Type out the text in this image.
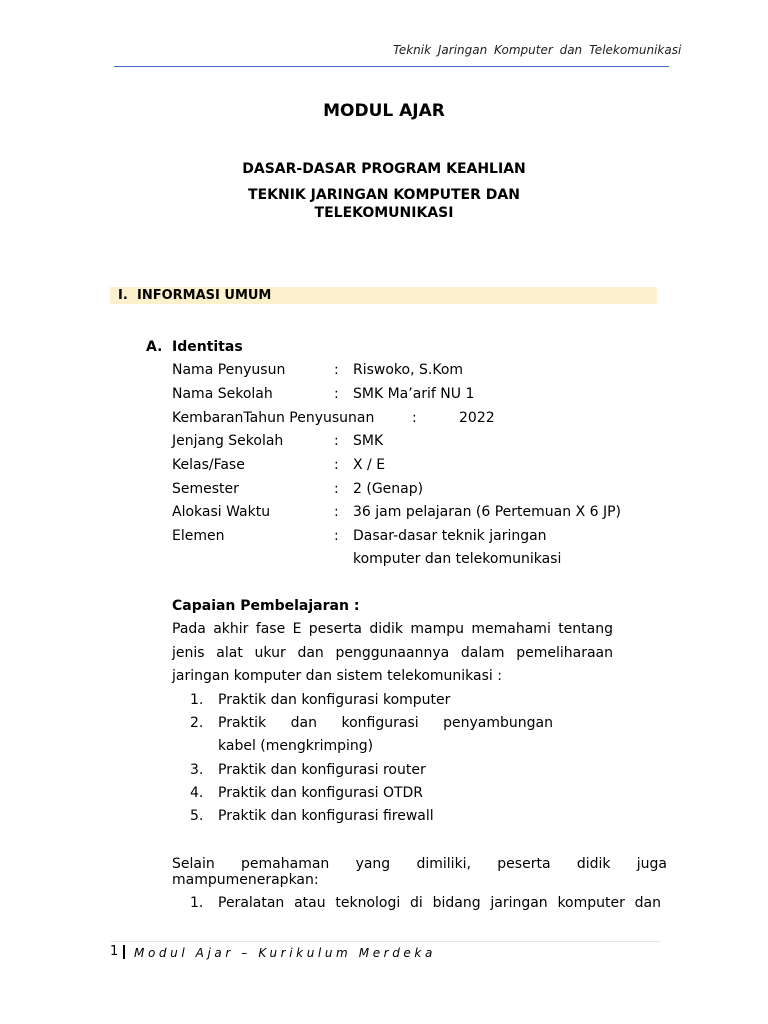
Teknik Jaringan Komputer dan Telekomunikasi
MODUL AJAR
DASAR-DASAR PROGRAM KEAHLIAN
TEKNIK JARINGAN KOMPUTER DAN
TELEKOMUNIKASI
I. INFORMASI UMUM
A. Identitas
Nama Penyusun	: Riswoko, S.Kom
Nama Sekolah	: SMK Ma’arif NU 1
KembaranTahun Penyusunan	:	2022
Jenjang Sekolah	: SMK
Kelas/Fase	: X / E
Semester	: 2 (Genap)
Alokasi Waktu	: 36 jam pelajaran (6 Pertemuan X 6 JP)
Elemen	: Dasar-dasar teknik jaringan
komputer dan telekomunikasi
Capaian Pembelajaran :
Pada akhir fase E peserta didik mampu memahami tentang
jenis alat ukur dan penggunaannya dalam pemeliharaan
jaringan komputer dan sistem telekomunikasi :
1. Praktik dan konfigurasi komputer
2. Praktik dan konfigurasi penyambungan
kabel (mengkrimping)
3. Praktik dan konfigurasi router
4. Praktik dan konfigurasi OTDR
5. Praktik dan konfigurasi firewall
Selain pemahaman yang dimiliki, peserta didik juga
mampumenerapkan:
1. Peralatan atau teknologi di bidang jaringan komputer dan
1 Modul Ajar – Kurikulum Merdeka
